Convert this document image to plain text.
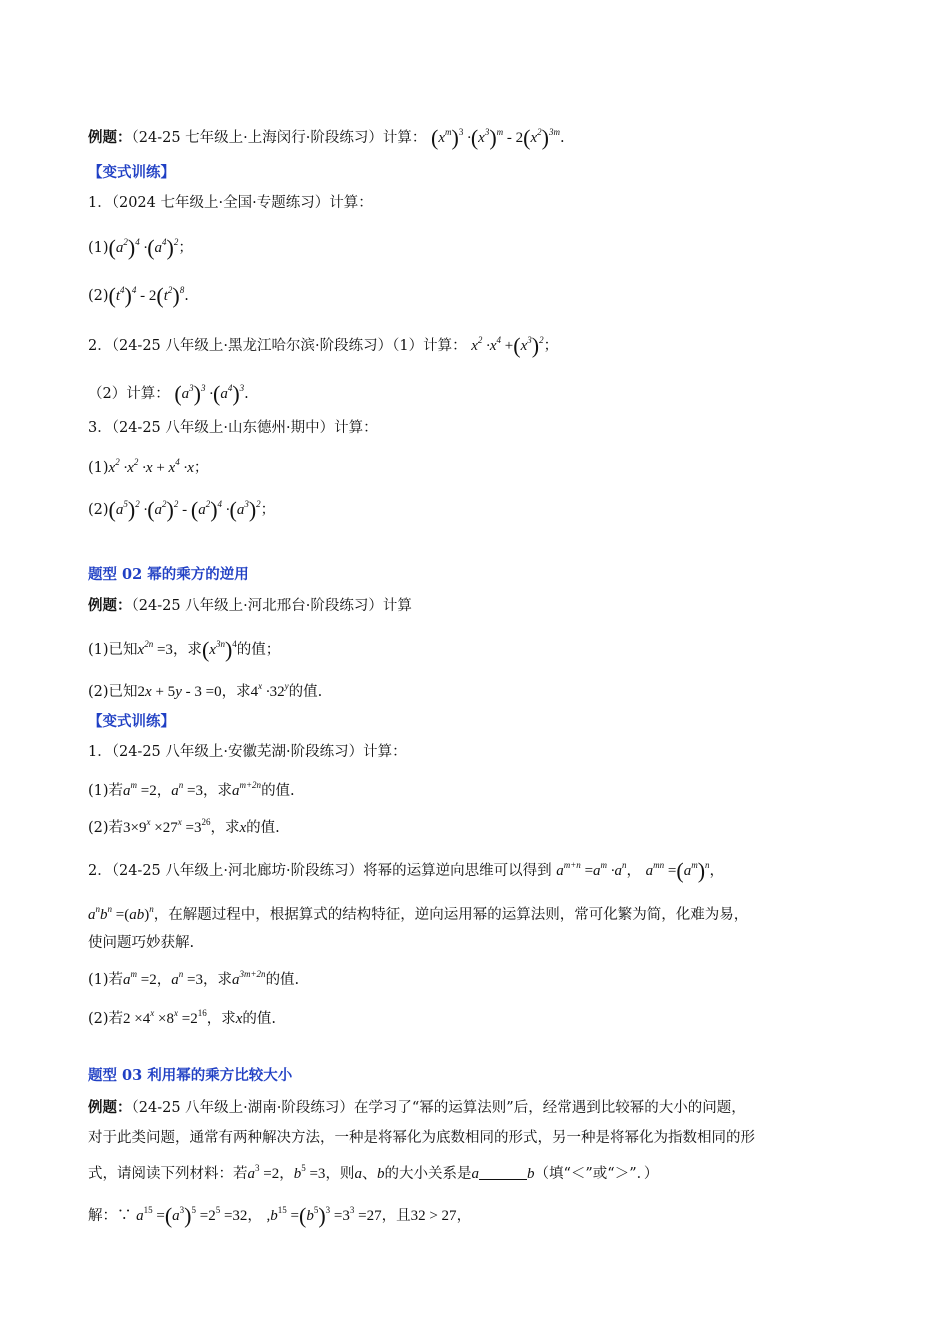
例题：（24-25 七年级上·上海闵行·阶段练习）计算： $(x^m)^3 \cdot(x^3)^m - 2(x^2)^{3m}$.
【变式训练】
1．（2024 七年级上·全国·专题练习）计算：
$(1)(a^2)^4 \cdot(a^4)^2$；
$(2)(t^4)^4 - 2(t^2)^8$.
2．（24-25 八年级上·黑龙江哈尔滨·阶段练习）（1）计算： $x^2 \cdot x^4 +(x^3)^2$；
（2）计算： $(a^3)^3 \cdot(a^4)^3$.
3．（24-25 八年级上·山东德州·期中）计算：
$(1)x^2 \cdot x^2 \cdot x + x^4 \cdot x$；
$(2)(a^5)^2 \cdot(a^2)^2 - (a^2)^4 \cdot(a^3)^2$；
题型 02 幂的乘方的逆用
例题：（24-25 八年级上·河北邢台·阶段练习）计算
(1)已知$x^{2n} =3$，求$(x^{3n})^4$的值；
(2)已知2x + 5y - 3 =0，求$4^x \cdot 32^y$的值.
【变式训练】
1．（24-25 八年级上·安徽芜湖·阶段练习）计算：
(1)若$a^m =2$，$a^n =3$，求$a^{m+2n}$的值.
(2)若$3\times 9^x \times 27^x =3^{26}$，求x的值.
2．（24-25 八年级上·河北廊坊·阶段练习）将幂的运算逆向思维可以得到 $a^{m+n} =a^m \cdot a^n$， $a^{mn} =(a^m)^n$，
$a^nb^n =(ab)^n$，在解题过程中，根据算式的结构特征，逆向运用幂的运算法则，常可化繁为简，化难为易，
使问题巧妙获解.
(1)若$a^m =2$，$a^n =3$，求$a^{3m+2n}$的值.
(2)若$2 \times 4^x \times 8^x =2^{16}$，求x的值.
题型 03 利用幂的乘方比较大小
例题：（24-25 八年级上·湖南·阶段练习）在学习了“幂的运算法则”后，经常遇到比较幂的大小的问题，
对于此类问题，通常有两种解决方法，一种是将幂化为底数相同的形式，另一种是将幂化为指数相同的形
式，请阅读下列材料：若$a^3 =2$，$b^5 =3$，则a、b的大小关系是a	b（填“＜”或“＞”．）
解：∵ $a^{15} =(a^3)^5 =2^5 =32$， $,b^{15} =(b^5)^3 =3^3 =27$，且32 > 27，
